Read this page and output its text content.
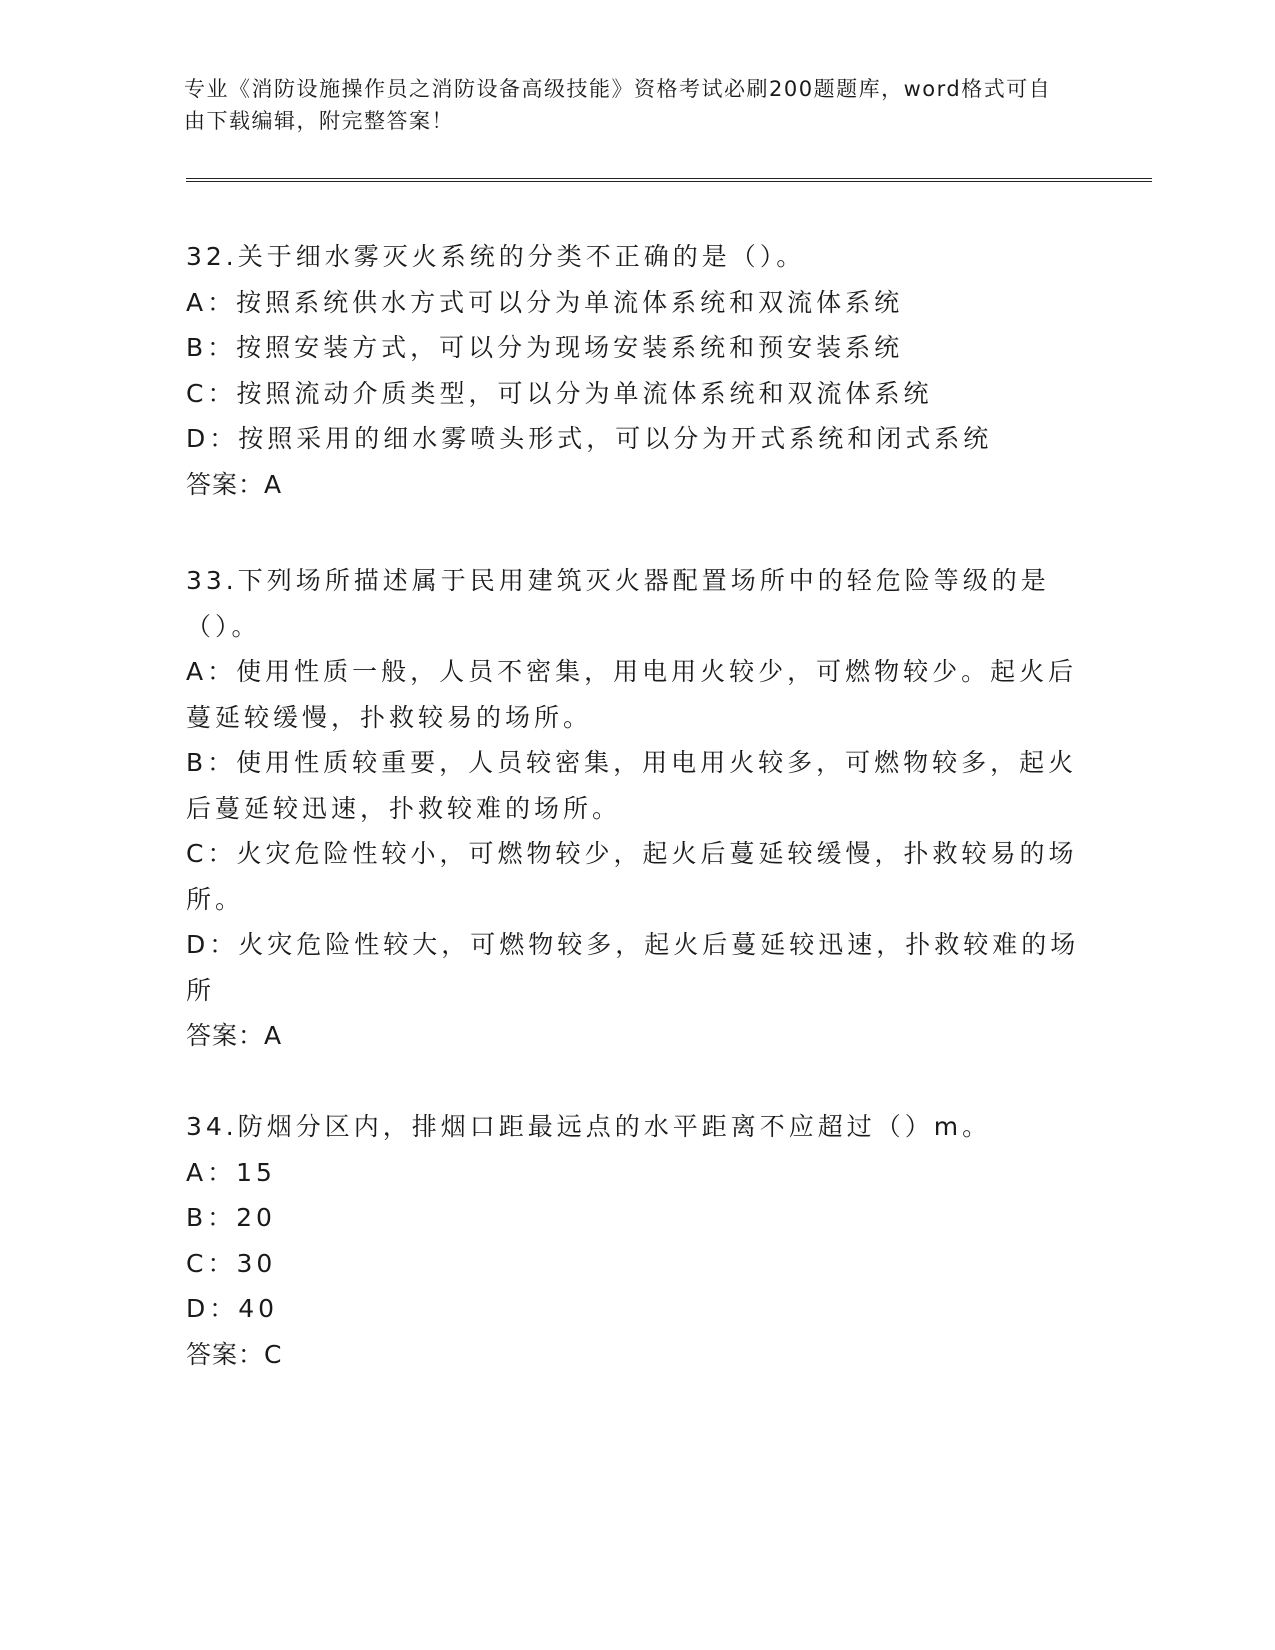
专业《消防设施操作员之消防设备高级技能》资格考试必刷200题题库，word格式可自由下载编辑，附完整答案！
32.关于细水雾灭火系统的分类不正确的是（）。
A：按照系统供水方式可以分为单流体系统和双流体系统
B：按照安装方式，可以分为现场安装系统和预安装系统
C：按照流动介质类型，可以分为单流体系统和双流体系统
D：按照采用的细水雾喷头形式，可以分为开式系统和闭式系统
答案：A
33.下列场所描述属于民用建筑灭火器配置场所中的轻危险等级的是（）。
A：使用性质一般，人员不密集，用电用火较少，可燃物较少。起火后蔓延较缓慢，扑救较易的场所。
B：使用性质较重要，人员较密集，用电用火较多，可燃物较多，起火后蔓延较迅速，扑救较难的场所。
C：火灾危险性较小，可燃物较少，起火后蔓延较缓慢，扑救较易的场所。
D：火灾危险性较大，可燃物较多，起火后蔓延较迅速，扑救较难的场所
答案：A
34.防烟分区内，排烟口距最远点的水平距离不应超过（）m。
A：15
B：20
C：30
D：40
答案：C
